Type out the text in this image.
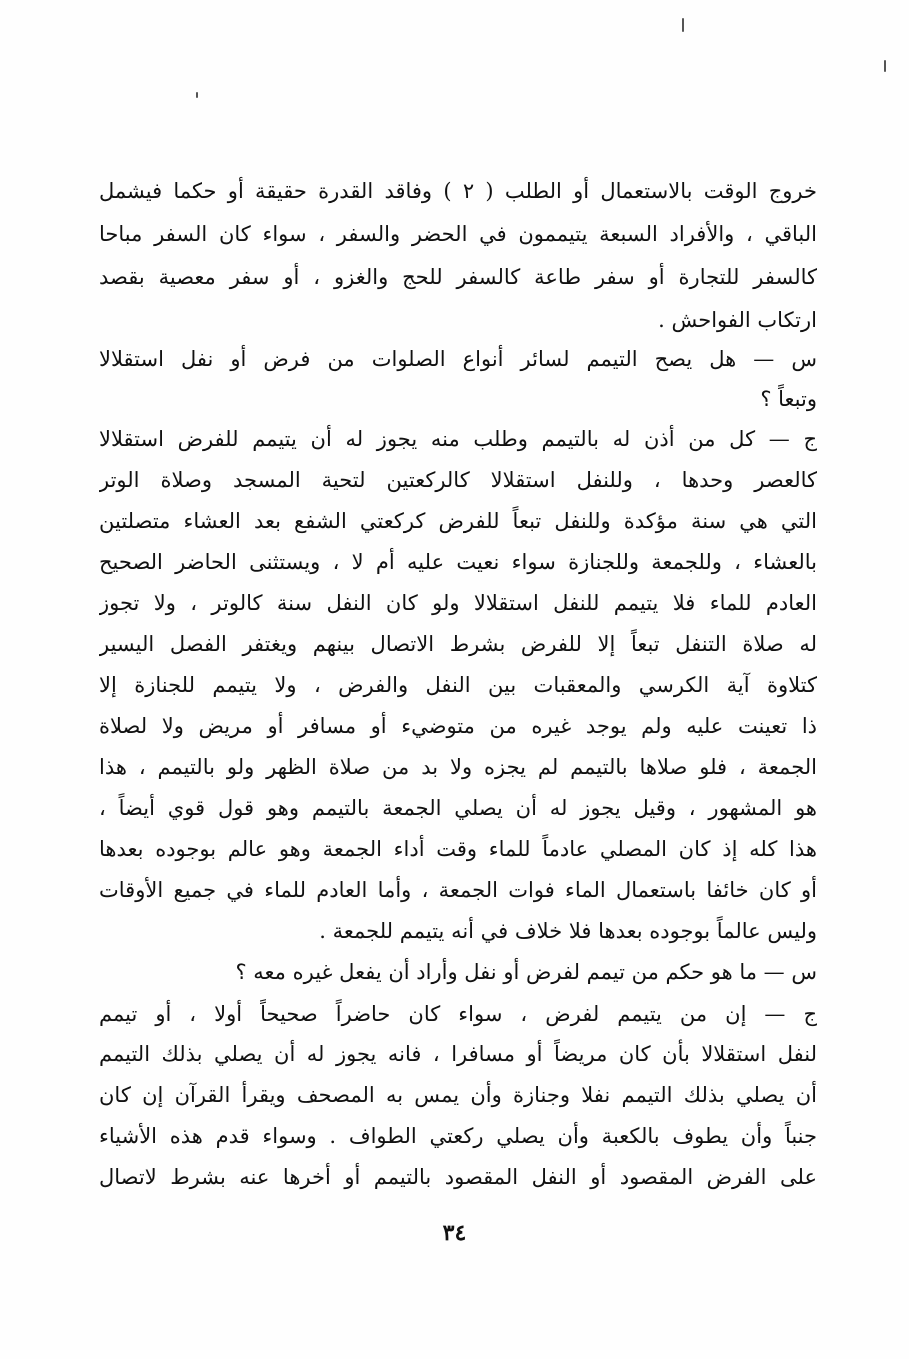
خروج الوقت بالاستعمال أو الطلب ( ٢ ) وفاقد القدرة حقيقة أو حكما فيشمل
الباقي ، والأفراد السبعة يتيممون في الحضر والسفر ، سواء كان السفر مباحا
كالسفر للتجارة أو سفر طاعة كالسفر للحج والغزو ، أو سفر معصية بقصد
ارتكاب الفواحش .
س — هل يصح التيمم لسائر أنواع الصلوات من فرض أو نفل استقلالا
وتبعاً ؟
ج — كل من أذن له بالتيمم وطلب منه يجوز له أن يتيمم للفرض استقلالا
كالعصر وحدها ، وللنفل استقلالا كالركعتين لتحية المسجد وصلاة الوتر
التي هي سنة مؤكدة وللنفل تبعاً للفرض كركعتي الشفع بعد العشاء متصلتين
بالعشاء ، وللجمعة وللجنازة سواء نعيت عليه أم لا ، ويستثنى الحاضر الصحيح
العادم للماء فلا يتيمم للنفل استقلالا ولو كان النفل سنة كالوتر ، ولا تجوز
له صلاة التنفل تبعاً إلا للفرض بشرط الاتصال بينهم ويغتفر الفصل اليسير
كتلاوة آية الكرسي والمعقبات بين النفل والفرض ، ولا يتيمم للجنازة إلا
ذا تعينت عليه ولم يوجد غيره من متوضيء أو مسافر أو مريض ولا لصلاة
الجمعة ، فلو صلاها بالتيمم لم يجزه ولا بد من صلاة الظهر ولو بالتيمم ، هذا
هو المشهور ، وقيل يجوز له أن يصلي الجمعة بالتيمم وهو قول قوي أيضاً ،
هذا كله إذ كان المصلي عادماً للماء وقت أداء الجمعة وهو عالم بوجوده بعدها
أو كان خائفا باستعمال الماء فوات الجمعة ، وأما العادم للماء في جميع الأوقات
وليس عالماً بوجوده بعدها فلا خلاف في أنه يتيمم للجمعة .
س — ما هو حكم من تيمم لفرض أو نفل وأراد أن يفعل غيره معه ؟
ج — إن من يتيمم لفرض ، سواء كان حاضراً صحيحاً أولا ، أو تيمم
لنفل استقلالا بأن كان مريضاً أو مسافرا ، فانه يجوز له أن يصلي بذلك التيمم
أن يصلي بذلك التيمم نفلا وجنازة وأن يمس به المصحف ويقرأ القرآن إن كان
جنباً وأن يطوف بالكعبة وأن يصلي ركعتي الطواف . وسواء قدم هذه الأشياء
على الفرض المقصود أو النفل المقصود بالتيمم أو أخرها عنه بشرط لاتصال
٣٤
